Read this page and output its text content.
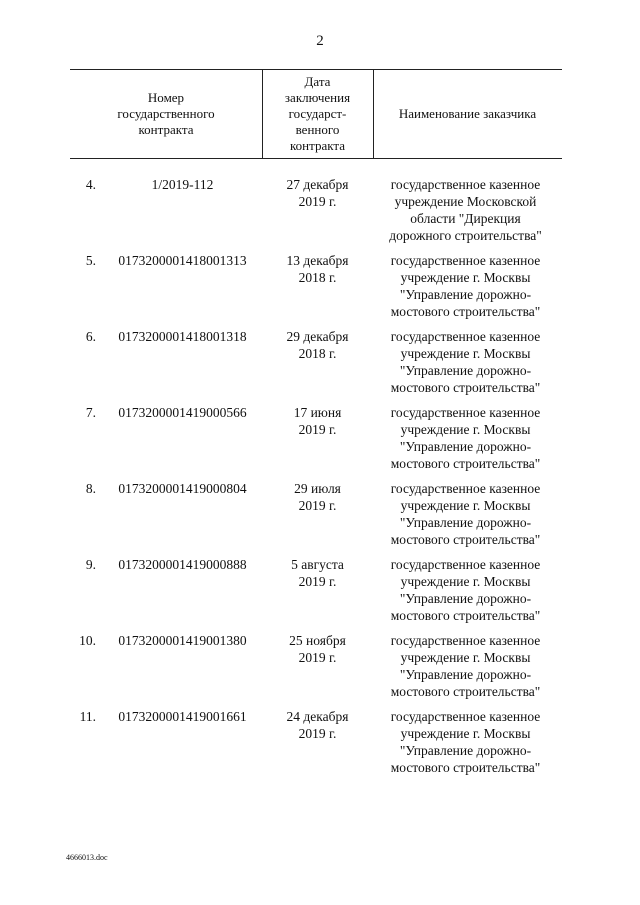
2
Номер
государственного
контракта
Дата
заключения
государст-
венного
контракта
Наименование заказчика
4.	1/2019-112	27 декабря
2019 г.
государственное казенное
учреждение Московской
области "Дирекция
дорожного строительства"
5.	0173200001418001313	13 декабря
2018 г.
государственное казенное
учреждение г. Москвы
"Управление дорожно-
мостового строительства"
6.	0173200001418001318	29 декабря
2018 г.
государственное казенное
учреждение г. Москвы
"Управление дорожно-
мостового строительства"
7.	0173200001419000566	17 июня
2019 г.
государственное казенное
учреждение г. Москвы
"Управление дорожно-
мостового строительства"
8.	0173200001419000804	29 июля
2019 г.
государственное казенное
учреждение г. Москвы
"Управление дорожно-
мостового строительства"
9.	0173200001419000888	5 августа
2019 г.
государственное казенное
учреждение г. Москвы
"Управление дорожно-
мостового строительства"
10.	0173200001419001380	25 ноября
2019 г.
государственное казенное
учреждение г. Москвы
"Управление дорожно-
мостового строительства"
11.	0173200001419001661	24 декабря
2019 г.
государственное казенное
учреждение г. Москвы
"Управление дорожно-
мостового строительства"
4666013.doc
